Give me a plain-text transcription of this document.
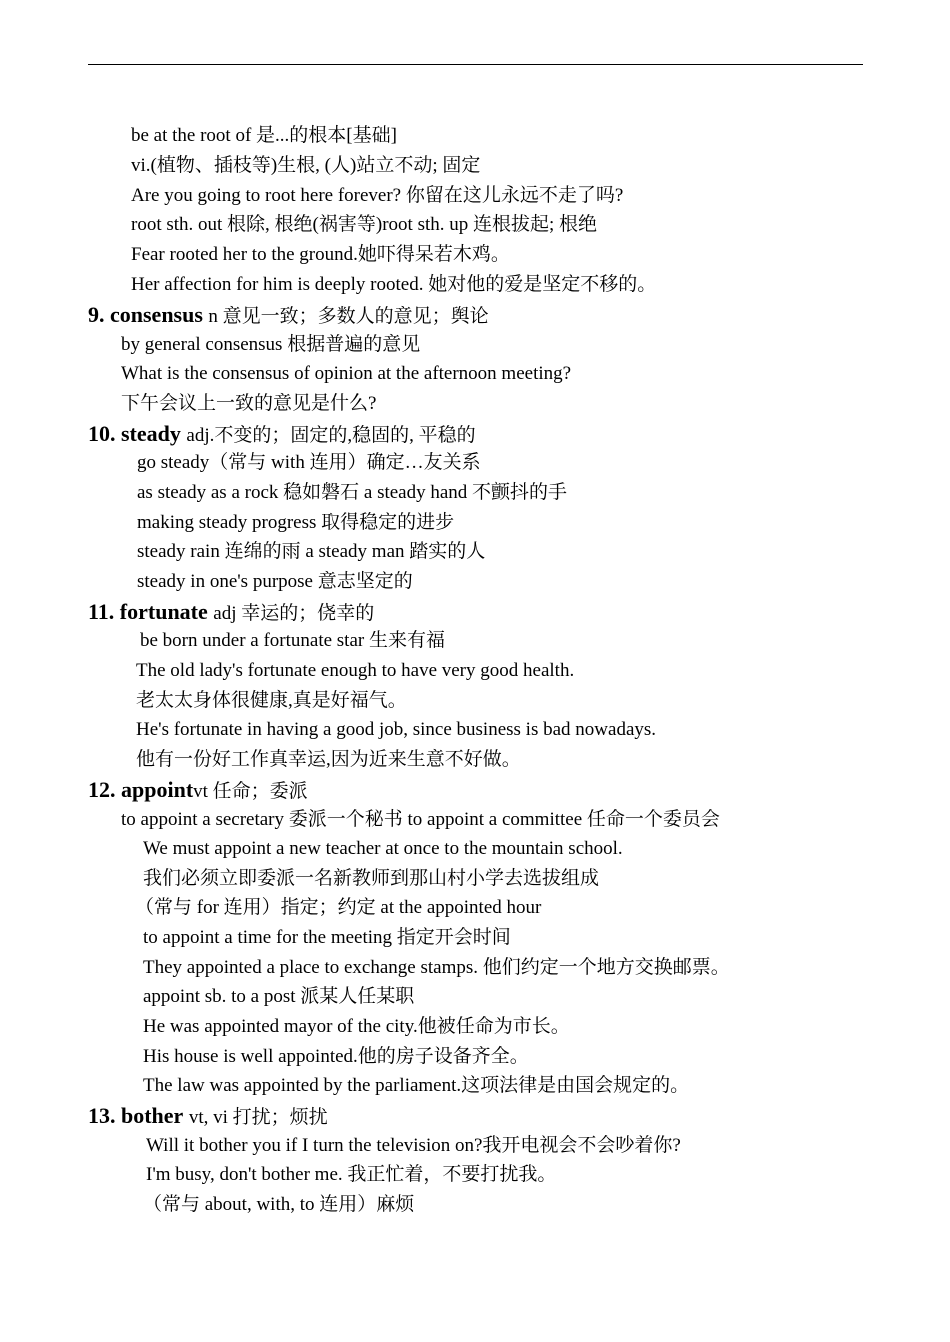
be at the root of 是...的根本[基础]
vi.(植物、插枝等)生根, (人)站立不动; 固定
Are you going to root here forever? 你留在这儿永远不走了吗?
root sth. out 根除, 根绝(祸害等)root sth. up 连根拔起; 根绝
Fear rooted her to the ground.她吓得呆若木鸡。
Her affection for him is deeply rooted. 她对他的爱是坚定不移的。
9. consensus n 意见一致；多数人的意见；舆论
by general consensus 根据普遍的意见
What is the consensus of opinion at the afternoon meeting?
下午会议上一致的意见是什么?
10. steady adj.不变的；固定的,稳固的, 平稳的
go steady（常与 with 连用）确定…友关系
as steady as a rock 稳如磐石 a steady hand 不颤抖的手
making steady progress 取得稳定的进步
steady rain 连绵的雨 a steady man 踏实的人
steady in one's purpose 意志坚定的
11. fortunate adj 幸运的；侥幸的
be born under a fortunate star 生来有福
The old lady's fortunate enough to have very good health.
老太太身体很健康,真是好福气。
He's fortunate in having a good job, since business is bad nowadays.
他有一份好工作真幸运,因为近来生意不好做。
12. appointvt 任命；委派
to appoint a secretary 委派一个秘书 to appoint a committee 任命一个委员会
We must appoint a new teacher at once to the mountain school.
我们必须立即委派一名新教师到那山村小学去选拔组成
（常与 for 连用）指定；约定 at the appointed hour
to appoint a time for the meeting 指定开会时间
They appointed a place to exchange stamps. 他们约定一个地方交换邮票。
appoint sb. to a post 派某人任某职
He was appointed mayor of the city.他被任命为市长。
His house is well appointed.他的房子设备齐全。
The law was appointed by the parliament.这项法律是由国会规定的。
13. bother vt, vi 打扰；烦扰
Will it bother you if I turn the television on?我开电视会不会吵着你?
I'm busy, don't bother me. 我正忙着，不要打扰我。
（常与 about, with, to 连用）麻烦
